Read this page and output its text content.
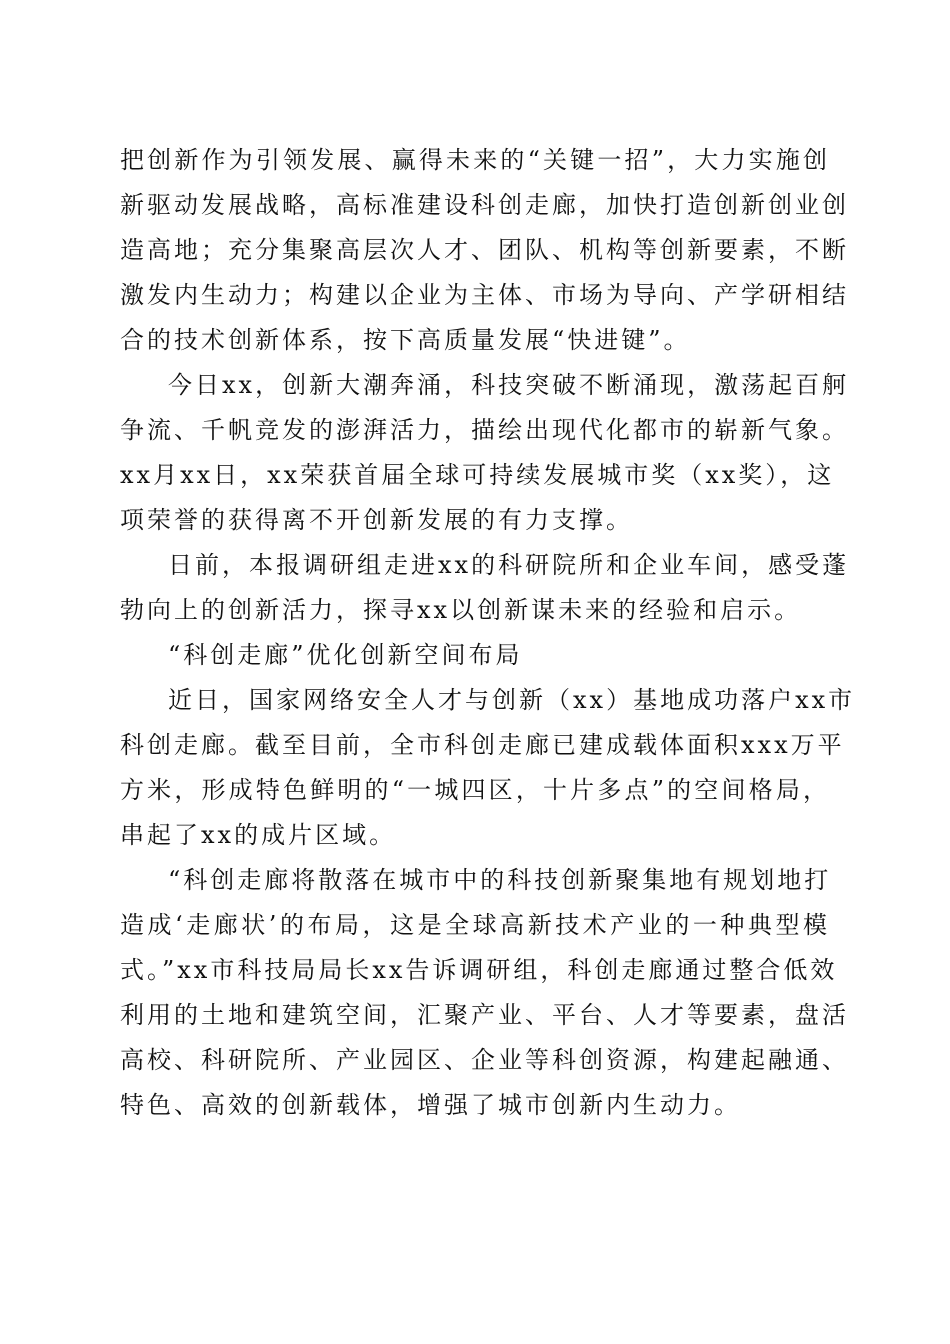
把创新作为引领发展、赢得未来的“关键一招”，大力实施创
新驱动发展战略，高标准建设科创走廊，加快打造创新创业创
造高地；充分集聚高层次人才、团队、机构等创新要素，不断
激发内生动力；构建以企业为主体、市场为导向、产学研相结
合的技术创新体系，按下高质量发展“快进键”。

今日xx，创新大潮奔涌，科技突破不断涌现，激荡起百舸
争流、千帆竞发的澎湃活力，描绘出现代化都市的崭新气象。
xx月xx日，xx荣获首届全球可持续发展城市奖（xx奖），这
项荣誉的获得离不开创新发展的有力支撑。

日前，本报调研组走进xx的科研院所和企业车间，感受蓬
勃向上的创新活力，探寻xx以创新谋未来的经验和启示。

“科创走廊”优化创新空间布局

近日，国家网络安全人才与创新（xx）基地成功落户xx市
科创走廊。截至目前，全市科创走廊已建成载体面积xxx万平
方米，形成特色鲜明的“一城四区，十片多点”的空间格局，
串起了xx的成片区域。

“科创走廊将散落在城市中的科技创新聚集地有规划地打
造成‘走廊状’的布局，这是全球高新技术产业的一种典型模
式。”xx市科技局局长xx告诉调研组，科创走廊通过整合低效
利用的土地和建筑空间，汇聚产业、平台、人才等要素，盘活
高校、科研院所、产业园区、企业等科创资源，构建起融通、
特色、高效的创新载体，增强了城市创新内生动力。
